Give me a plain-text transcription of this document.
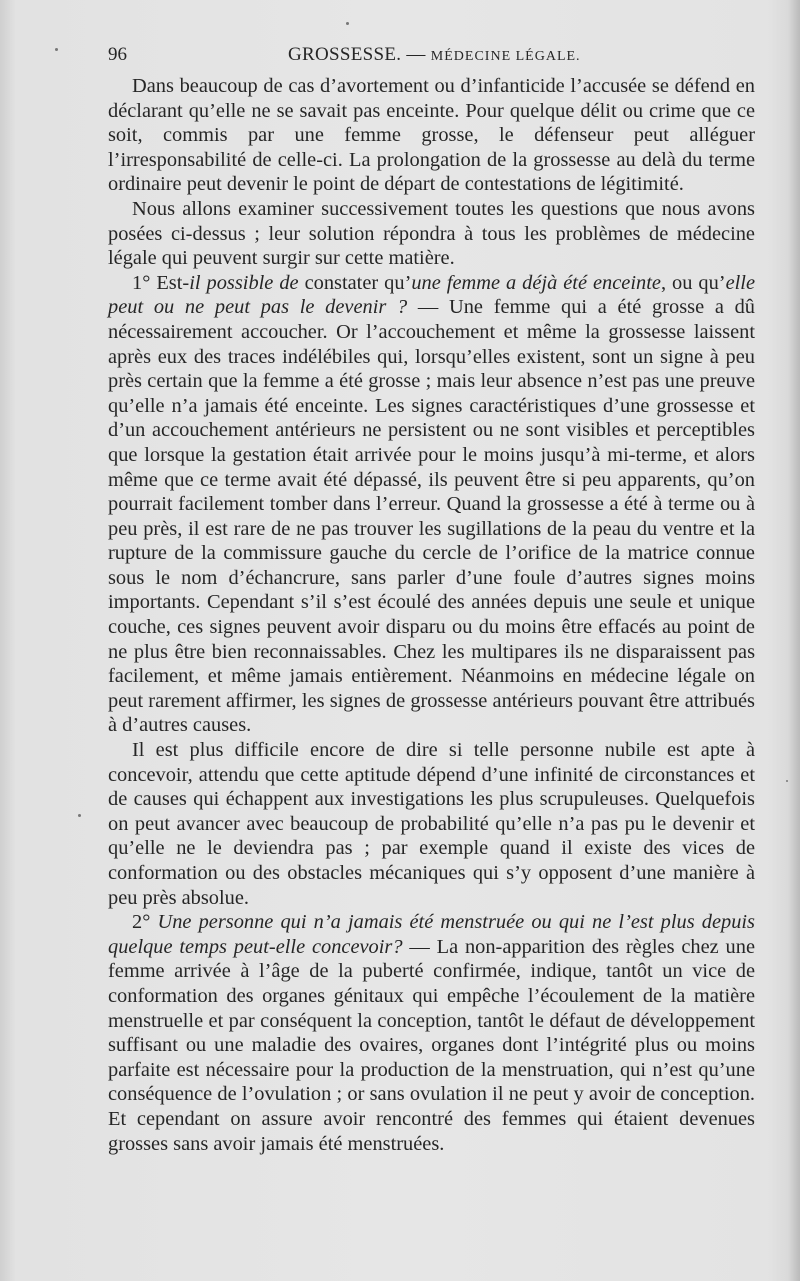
96	GROSSESSE. — MÉDECINE LÉGALE.

Dans beaucoup de cas d’avortement ou d’infanticide l’accusée se défend en déclarant qu’elle ne se savait pas enceinte. Pour quelque délit ou crime que ce soit, commis par une femme grosse, le défenseur peut alléguer l’irresponsabilité de celle-ci. La prolongation de la grossesse au delà du terme ordinaire peut devenir le point de départ de contestations de légitimité.

Nous allons examiner successivement toutes les questions que nous avons posées ci-dessus ; leur solution répondra à tous les problèmes de médecine légale qui peuvent surgir sur cette matière.

1° Est-il possible de constater qu’une femme a déjà été enceinte, ou qu’elle peut ou ne peut pas le devenir ? — Une femme qui a été grosse a dû nécessairement accoucher. Or l’accouchement et même la grossesse laissent après eux des traces indélébiles qui, lorsqu’elles existent, sont un signe à peu près certain que la femme a été grosse ; mais leur absence n’est pas une preuve qu’elle n’a jamais été enceinte. Les signes caractéristiques d’une grossesse et d’un accouchement antérieurs ne persistent ou ne sont visibles et perceptibles que lorsque la gestation était arrivée pour le moins jusqu’à mi-terme, et alors même que ce terme avait été dépassé, ils peuvent être si peu apparents, qu’on pourrait facilement tomber dans l’erreur. Quand la grossesse a été à terme ou à peu près, il est rare de ne pas trouver les sugillations de la peau du ventre et la rupture de la commissure gauche du cercle de l’orifice de la matrice connue sous le nom d’échancrure, sans parler d’une foule d’autres signes moins importants. Cependant s’il s’est écoulé des années depuis une seule et unique couche, ces signes peuvent avoir disparu ou du moins être effacés au point de ne plus être bien reconnaissables. Chez les multipares ils ne disparaissent pas facilement, et même jamais entièrement. Néanmoins en médecine légale on peut rarement affirmer, les signes de grossesse antérieurs pouvant être attribués à d’autres causes.

Il est plus difficile encore de dire si telle personne nubile est apte à concevoir, attendu que cette aptitude dépend d’une infinité de circonstances et de causes qui échappent aux investigations les plus scrupuleuses. Quelquefois on peut avancer avec beaucoup de probabilité qu’elle n’a pas pu le devenir et qu’elle ne le deviendra pas ; par exemple quand il existe des vices de conformation ou des obstacles mécaniques qui s’y opposent d’une manière à peu près absolue.

2° Une personne qui n’a jamais été menstruée ou qui ne l’est plus depuis quelque temps peut-elle concevoir? — La non-apparition des règles chez une femme arrivée à l’âge de la puberté confirmée, indique, tantôt un vice de conformation des organes génitaux qui empêche l’écoulement de la matière menstruelle et par conséquent la conception, tantôt le défaut de développement suffisant ou une maladie des ovaires, organes dont l’intégrité plus ou moins parfaite est nécessaire pour la production de la menstruation, qui n’est qu’une conséquence de l’ovulation ; or sans ovulation il ne peut y avoir de conception. Et cependant on assure avoir rencontré des femmes qui étaient devenues grosses sans avoir jamais été menstruées.
